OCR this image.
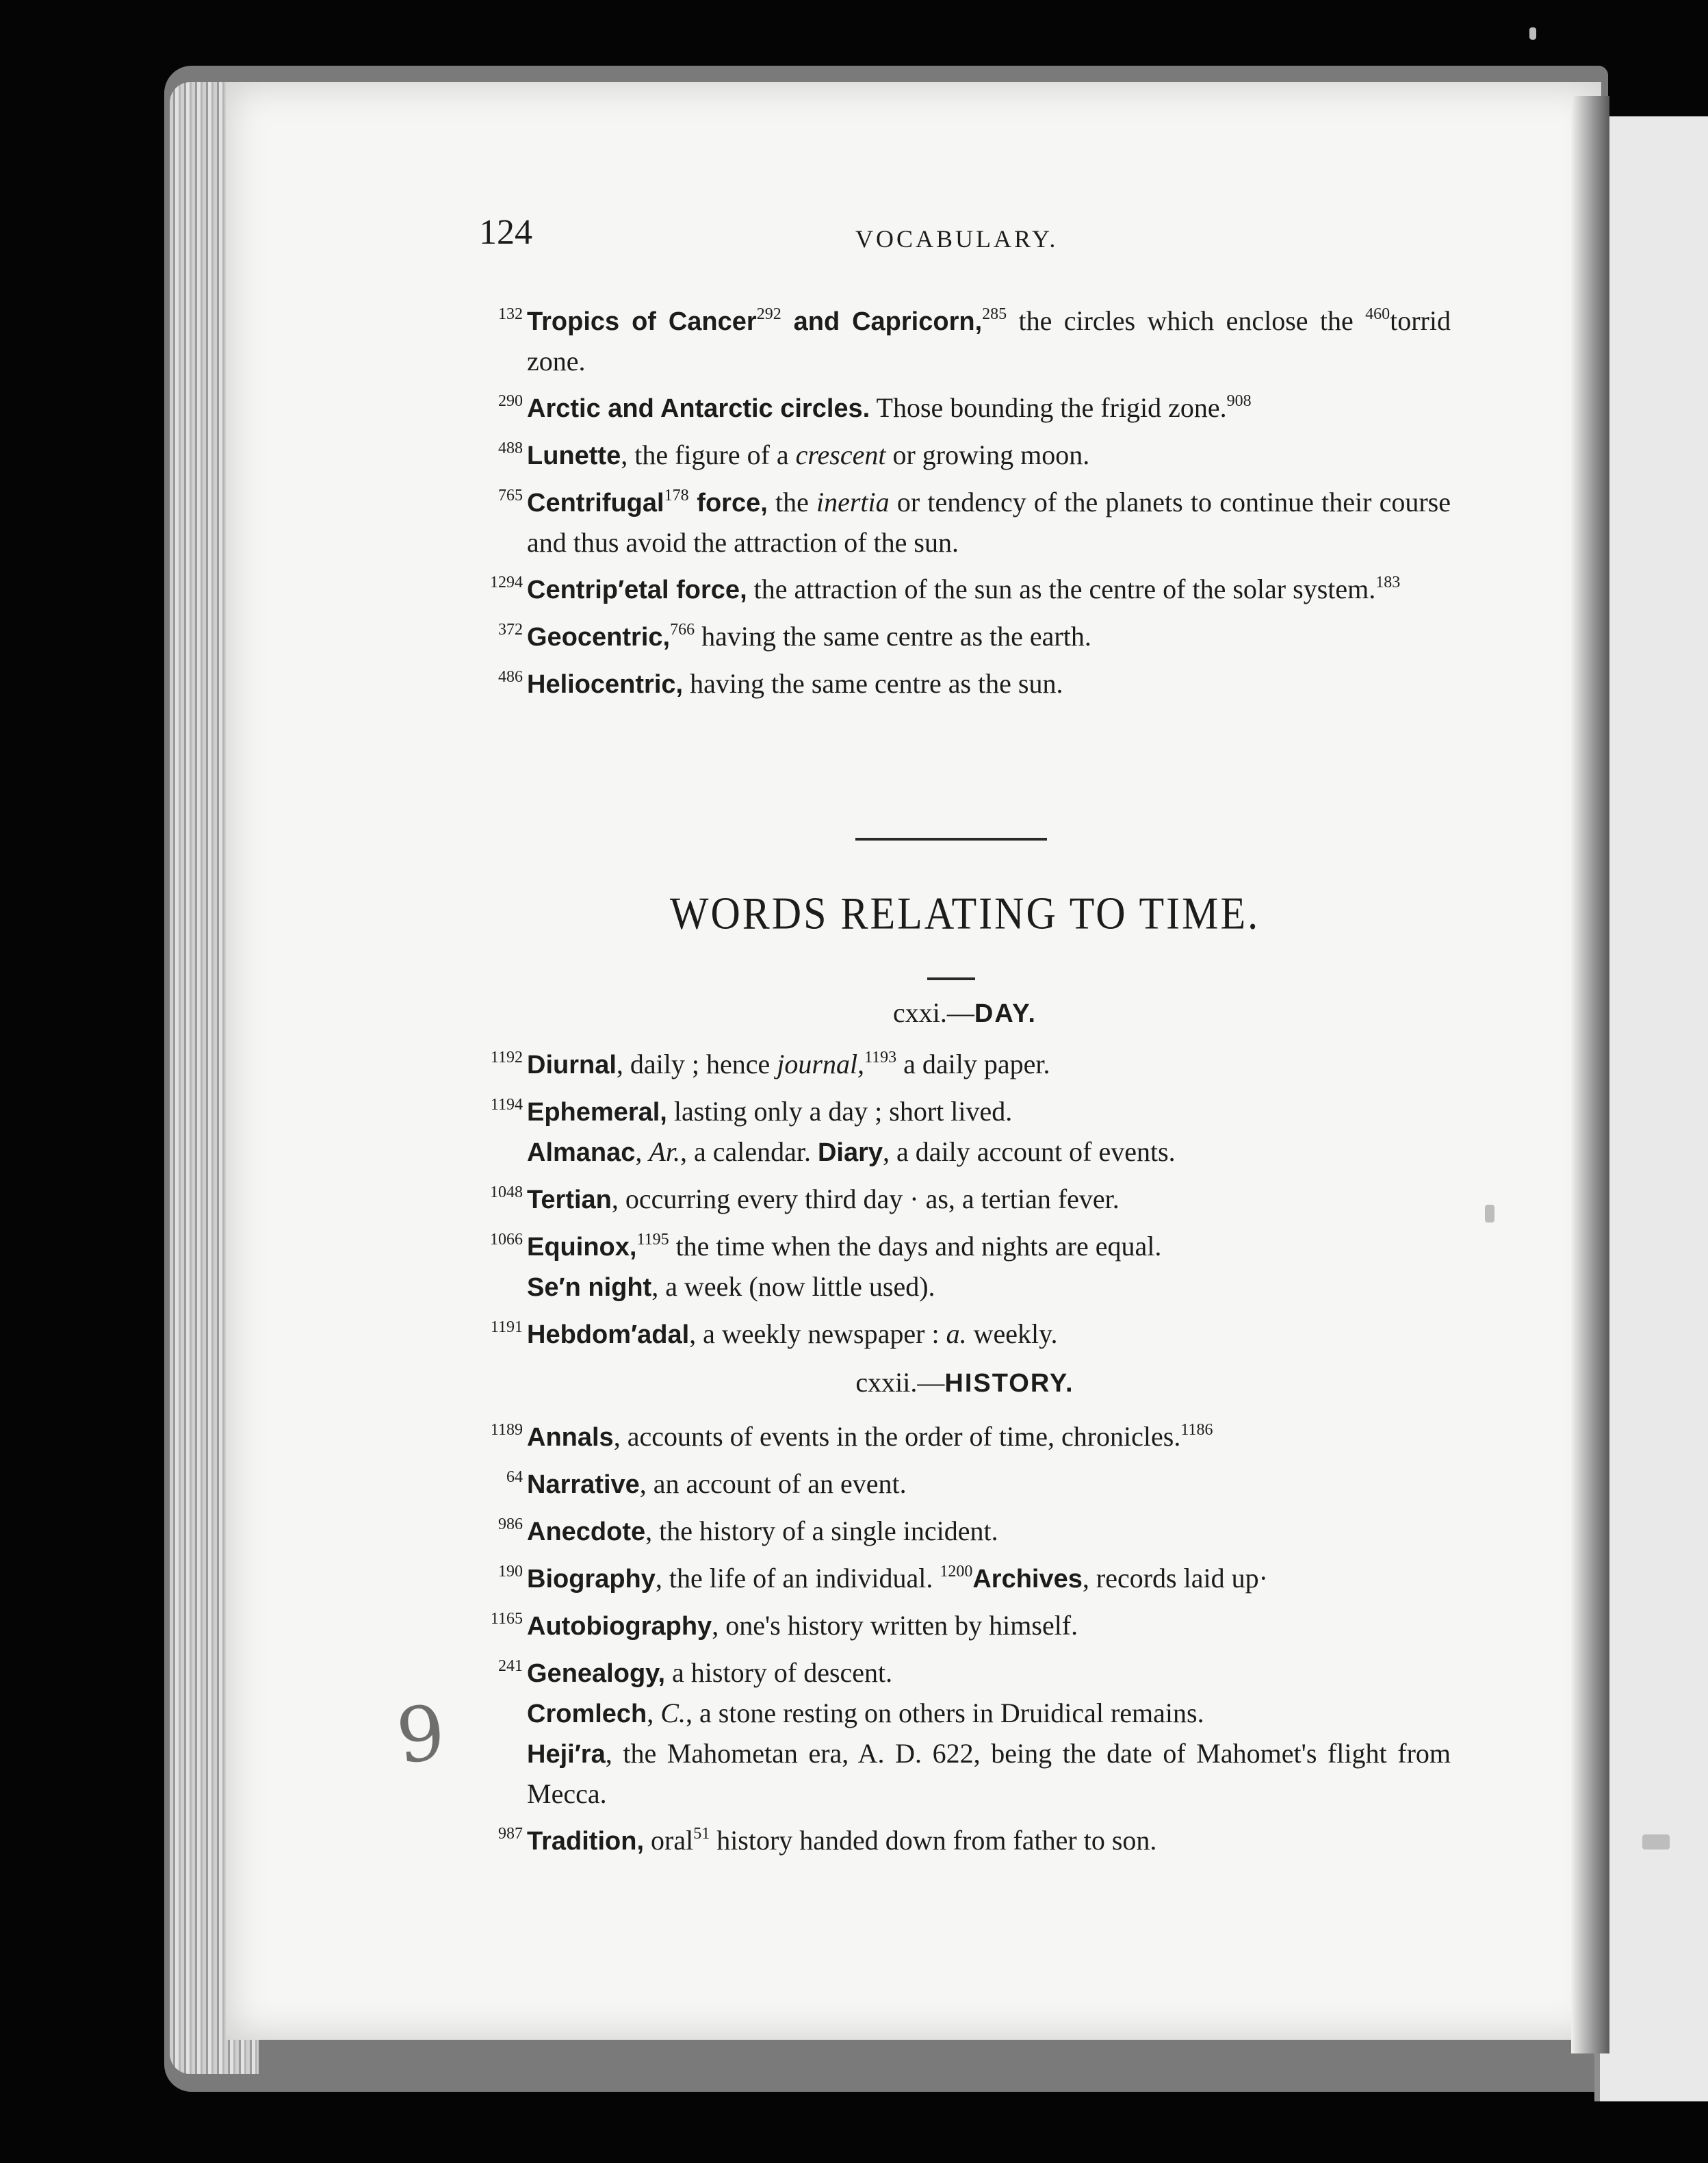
124	VOCABULARY.
132 Tropics of Cancer$^{292}$ and Capricorn,$^{285}$ the circles which enclose the $^{460}$torrid zone.
290 Arctic and Antarctic circles. Those bounding the frigid zone.$^{908}$
488 Lunette, the figure of a crescent or growing moon.
765 Centrifugal$^{178}$ force, the inertia or tendency of the planets to continue their course and thus avoid the attraction of the sun.
1294 Centrip′etal force, the attraction of the sun as the centre of the solar system.$^{183}$
372 Geocentric,$^{766}$ having the same centre as the earth.
486 Heliocentric, having the same centre as the sun.
WORDS RELATING TO TIME.
cxxi.—DAY.
1192 Diurnal, daily ; hence journal,$^{1193}$ a daily paper.
1194 Ephemeral, lasting only a day ; short lived.
Almanac, Ar., a calendar. Diary, a daily account of events.
1048 Tertian, occurring every third day · as, a tertian fever.
1066 Equinox,$^{1195}$ the time when the days and nights are equal.
Se′n night, a week (now little used).
1191 Hebdom′adal, a weekly newspaper : a. weekly.
cxxii.—HISTORY.
1189 Annals, accounts of events in the order of time, chronicles.$^{1186}$
64 Narrative, an account of an event.
986 Anecdote, the history of a single incident.
190 Biography, the life of an individual. $^{1200}$Archives, records laid up·
1165 Autobiography, one's history written by himself.
241 Genealogy, a history of descent.
Cromlech, C., a stone resting on others in Druidical remains.
Heji′ra, the Mahometan era, A. D. 622, being the date of Mahomet's flight from Mecca.
987 Tradition, oral$^{51}$ history handed down from father to son.
9
